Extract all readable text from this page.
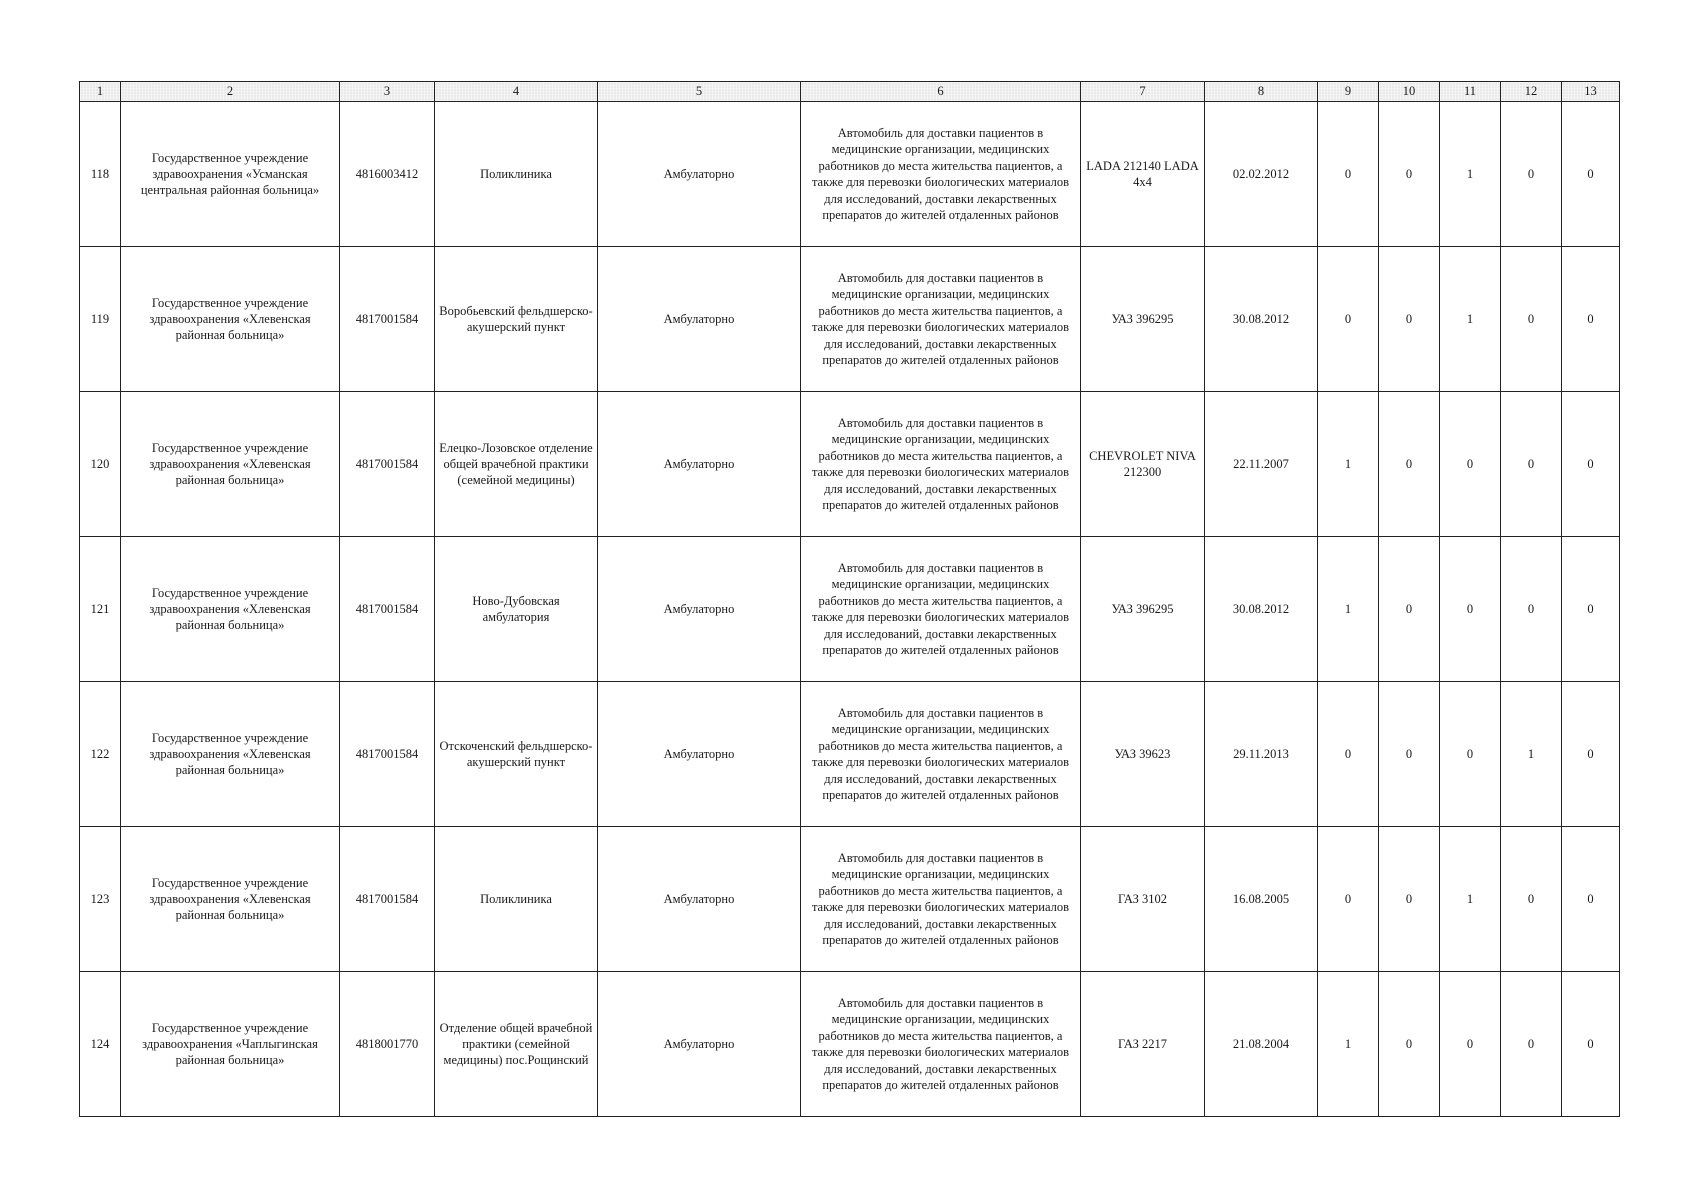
1	2	3	4	5	6	7	8	9	10	11	12	13
118	Государственное учреждение здравоохранения «Усманская центральная районная больница»	4816003412	Поликлиника	Амбулаторно	Автомобиль для доставки пациентов в медицинские организации, медицинских работников до места жительства пациентов, а также для перевозки биологических материалов для исследований, доставки лекарственных препаратов до жителей отдаленных районов	LADA 212140 LADA 4x4	02.02.2012	0	0	1	0	0
119	Государственное учреждение здравоохранения «Хлевенская районная больница»	4817001584	Воробьевский фельдшерско-акушерский пункт	Амбулаторно	Автомобиль для доставки пациентов в медицинские организации, медицинских работников до места жительства пациентов, а также для перевозки биологических материалов для исследований, доставки лекарственных препаратов до жителей отдаленных районов	УАЗ 396295	30.08.2012	0	0	1	0	0
120	Государственное учреждение здравоохранения «Хлевенская районная больница»	4817001584	Елецко-Лозовское отделение общей врачебной практики (семейной медицины)	Амбулаторно	Автомобиль для доставки пациентов в медицинские организации, медицинских работников до места жительства пациентов, а также для перевозки биологических материалов для исследований, доставки лекарственных препаратов до жителей отдаленных районов	CHEVROLET NIVA 212300	22.11.2007	1	0	0	0	0
121	Государственное учреждение здравоохранения «Хлевенская районная больница»	4817001584	Ново-Дубовская амбулатория	Амбулаторно	Автомобиль для доставки пациентов в медицинские организации, медицинских работников до места жительства пациентов, а также для перевозки биологических материалов для исследований, доставки лекарственных препаратов до жителей отдаленных районов	УАЗ 396295	30.08.2012	1	0	0	0	0
122	Государственное учреждение здравоохранения «Хлевенская районная больница»	4817001584	Отскоченский фельдшерско-акушерский пункт	Амбулаторно	Автомобиль для доставки пациентов в медицинские организации, медицинских работников до места жительства пациентов, а также для перевозки биологических материалов для исследований, доставки лекарственных препаратов до жителей отдаленных районов	УАЗ 39623	29.11.2013	0	0	0	1	0
123	Государственное учреждение здравоохранения «Хлевенская районная больница»	4817001584	Поликлиника	Амбулаторно	Автомобиль для доставки пациентов в медицинские организации, медицинских работников до места жительства пациентов, а также для перевозки биологических материалов для исследований, доставки лекарственных препаратов до жителей отдаленных районов	ГАЗ 3102	16.08.2005	0	0	1	0	0
124	Государственное учреждение здравоохранения «Чаплыгинская районная больница»	4818001770	Отделение общей врачебной практики (семейной медицины) пос.Рощинский	Амбулаторно	Автомобиль для доставки пациентов в медицинские организации, медицинских работников до места жительства пациентов, а также для перевозки биологических материалов для исследований, доставки лекарственных препаратов до жителей отдаленных районов	ГАЗ 2217	21.08.2004	1	0	0	0	0
